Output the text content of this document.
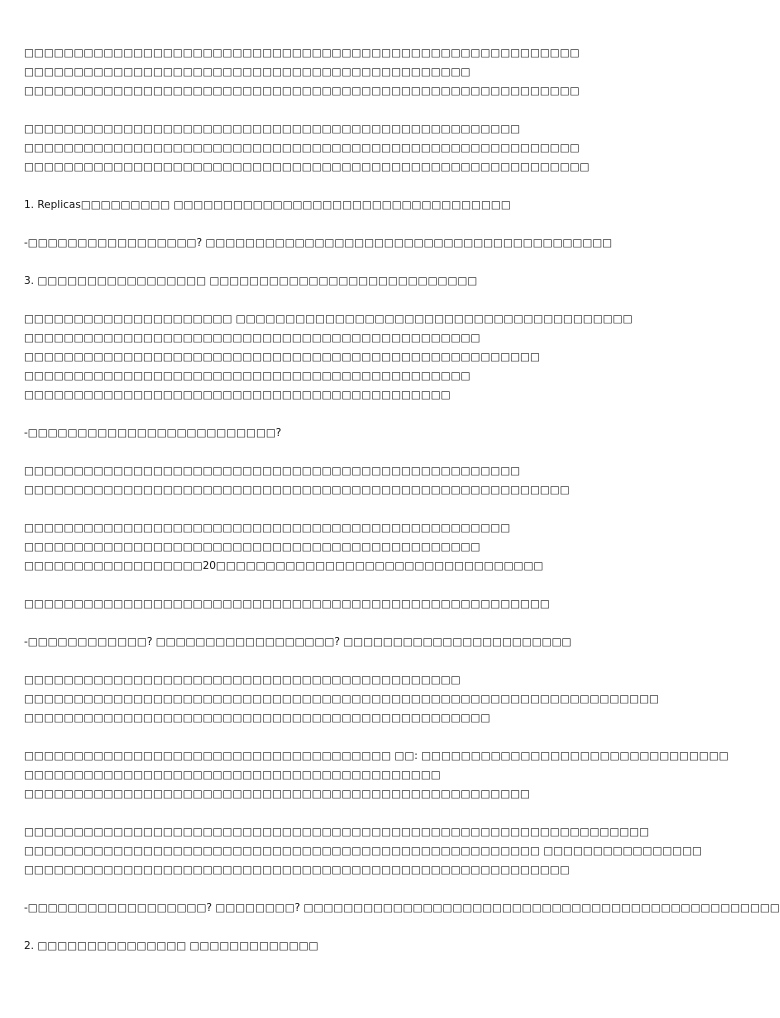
□□□□□□□□□□□□□□□□□□□□□□□□□□□□□□□□□□□□□□□□□□□□□□□□□□□□□□□□
□□□□□□□□□□□□□□□□□□□□□□□□□□□□□□□□□□□□□□□□□□□□□
□□□□□□□□□□□□□□□□□□□□□□□□□□□□□□□□□□□□□□□□□□□□□□□□□□□□□□□□
□□□□□□□□□□□□□□□□□□□□□□□□□□□□□□□□□□□□□□□□□□□□□□□□□□
□□□□□□□□□□□□□□□□□□□□□□□□□□□□□□□□□□□□□□□□□□□□□□□□□□□□□□□□
□□□□□□□□□□□□□□□□□□□□□□□□□□□□□□□□□□□□□□□□□□□□□□□□□□□□□□□□□
1. Replicas□□□□□□□□□ □□□□□□□□□□□□□□□□□□□□□□□□□□□□□□□□□□
-□□□□□□□□□□□□□□□□□? □□□□□□□□□□□□□□□□□□□□□□□□□□□□□□□□□□□□□□□□□
3. □□□□□□□□□□□□□□□□□ □□□□□□□□□□□□□□□□□□□□□□□□□□□
□□□□□□□□□□□□□□□□□□□□□ □□□□□□□□□□□□□□□□□□□□□□□□□□□□□□□□□□□□□□□□
□□□□□□□□□□□□□□□□□□□□□□□□□□□□□□□□□□□□□□□□□□□□□□
□□□□□□□□□□□□□□□□□□□□□□□□□□□□□□□□□□□□□□□□□□□□□□□□□□□□
□□□□□□□□□□□□□□□□□□□□□□□□□□□□□□□□□□□□□□□□□□□□□
□□□□□□□□□□□□□□□□□□□□□□□□□□□□□□□□□□□□□□□□□□□
-□□□□□□□□□□□□□□□□□□□□□□□□□?
□□□□□□□□□□□□□□□□□□□□□□□□□□□□□□□□□□□□□□□□□□□□□□□□□□
□□□□□□□□□□□□□□□□□□□□□□□□□□□□□□□□□□□□□□□□□□□□□□□□□□□□□□□
□□□□□□□□□□□□□□□□□□□□□□□□□□□□□□□□□□□□□□□□□□□□□□□□□
□□□□□□□□□□□□□□□□□□□□□□□□□□□□□□□□□□□□□□□□□□□□□□
□□□□□□□□□□□□□□□□□□20□□□□□□□□□□□□□□□□□□□□□□□□□□□□□□□□□
□□□□□□□□□□□□□□□□□□□□□□□□□□□□□□□□□□□□□□□□□□□□□□□□□□□□□
-□□□□□□□□□□□□? □□□□□□□□□□□□□□□□□□? □□□□□□□□□□□□□□□□□□□□□□□
□□□□□□□□□□□□□□□□□□□□□□□□□□□□□□□□□□□□□□□□□□□□
□□□□□□□□□□□□□□□□□□□□□□□□□□□□□□□□□□□□□□□□□□□□□□□□□□□□□□□□□□□□□□□□
□□□□□□□□□□□□□□□□□□□□□□□□□□□□□□□□□□□□□□□□□□□□□□□
□□□□□□□□□□□□□□□□□□□□□□□□□□□□□□□□□□□□□ □□: □□□□□□□□□□□□□□□□□□□□□□□□□□□□□□□
□□□□□□□□□□□□□□□□□□□□□□□□□□□□□□□□□□□□□□□□□□
□□□□□□□□□□□□□□□□□□□□□□□□□□□□□□□□□□□□□□□□□□□□□□□□□□□
□□□□□□□□□□□□□□□□□□□□□□□□□□□□□□□□□□□□□□□□□□□□□□□□□□□□□□□□□□□□□□□
□□□□□□□□□□□□□□□□□□□□□□□□□□□□□□□□□□□□□□□□□□□□□□□□□□□□ □□□□□□□□□□□□□□□□
□□□□□□□□□□□□□□□□□□□□□□□□□□□□□□□□□□□□□□□□□□□□□□□□□□□□□□□
-□□□□□□□□□□□□□□□□□□? □□□□□□□□? □□□□□□□□□□□□□□□□□□□□□□□□□□□□□□□□□□□□□□□□□□□□□□□□
2. □□□□□□□□□□□□□□□ □□□□□□□□□□□□□
